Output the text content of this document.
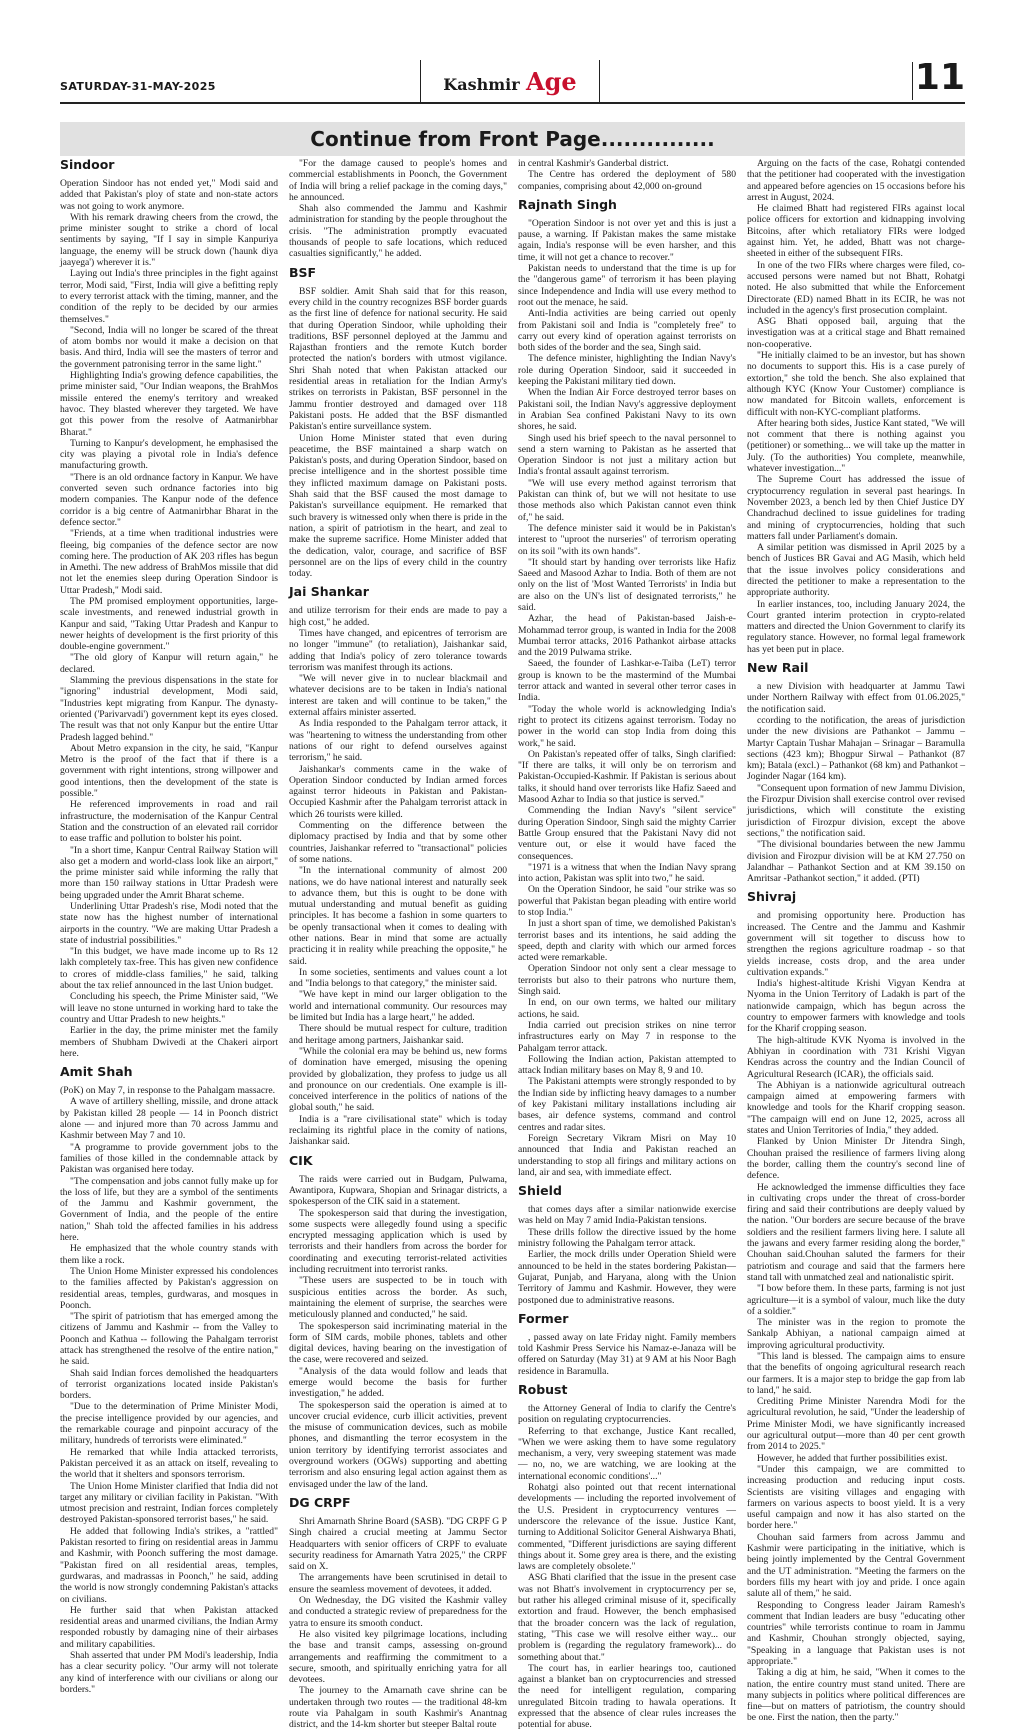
SATURDAY-31-MAY-2025	Kashmir Age	11
Continue from Front Page...............
Sindoor

Operation Sindoor has not ended yet," Modi said and added that Pakistan's ploy of state and non-state actors was not going to work anymore.

With his remark drawing cheers from the crowd, the prime minister sought to strike a chord of local sentiments by saying, "If I say in simple Kanpuriya language, the enemy will be struck down ('haunk diya jaayega') wherever it is."

Laying out India's three principles in the fight against terror, Modi said, "First, India will give a befitting reply to every terrorist attack with the timing, manner, and the condition of the reply to be decided by our armies themselves."

"Second, India will no longer be scared of the threat of atom bombs nor would it make a decision on that basis. And third, India will see the masters of terror and the government patronising terror in the same light."

Highlighting India's growing defence capabilities, the prime minister said, "Our Indian weapons, the BrahMos missile entered the enemy's territory and wreaked havoc. They blasted wherever they targeted. We have got this power from the resolve of Aatmanirbhar Bharat."

Turning to Kanpur's development, he emphasised the city was playing a pivotal role in India's defence manufacturing growth.

"There is an old ordnance factory in Kanpur. We have converted seven such ordnance factories into big modern companies. The Kanpur node of the defence corridor is a big centre of Aatmanirbhar Bharat in the defence sector."

"Friends, at a time when traditional industries were fleeing, big companies of the defence sector are now coming here. The production of AK 203 rifles has begun in Amethi. The new address of BrahMos missile that did not let the enemies sleep during Operation Sindoor is Uttar Pradesh," Modi said.

The PM promised employment opportunities, large-scale investments, and renewed industrial growth in Kanpur and said, "Taking Uttar Pradesh and Kanpur to newer heights of development is the first priority of this double-engine government."

"The old glory of Kanpur will return again," he declared.

Slamming the previous dispensations in the state for "ignoring" industrial development, Modi said, "Industries kept migrating from Kanpur. The dynasty-oriented ('Parivarvadi') government kept its eyes closed. The result was that not only Kanpur but the entire Uttar Pradesh lagged behind."

About Metro expansion in the city, he said, "Kanpur Metro is the proof of the fact that if there is a government with right intentions, strong willpower and good intentions, then the development of the state is possible."

He referenced improvements in road and rail infrastructure, the modernisation of the Kanpur Central Station and the construction of an elevated rail corridor to ease traffic and pollution to bolster his point.

"In a short time, Kanpur Central Railway Station will also get a modern and world-class look like an airport," the prime minister said while informing the rally that more than 150 railway stations in Uttar Pradesh were being upgraded under the Amrit Bharat scheme.

Underlining Uttar Pradesh's rise, Modi noted that the state now has the highest number of international airports in the country. "We are making Uttar Pradesh a state of industrial possibilities."

"In this budget, we have made income up to Rs 12 lakh completely tax-free. This has given new confidence to crores of middle-class families," he said, talking about the tax relief announced in the last Union budget.

Concluding his speech, the Prime Minister said, "We will leave no stone unturned in working hard to take the country and Uttar Pradesh to new heights."

Earlier in the day, the prime minister met the family members of Shubham Dwivedi at the Chakeri airport here.

Amit Shah

(PoK) on May 7, in response to the Pahalgam massacre.

A wave of artillery shelling, missile, and drone attack by Pakistan killed 28 people — 14 in Poonch district alone — and injured more than 70 across Jammu and Kashmir between May 7 and 10.

"A programme to provide government jobs to the families of those killed in the condemnable attack by Pakistan was organised here today.

"The compensation and jobs cannot fully make up for the loss of life, but they are a symbol of the sentiments of the Jammu and Kashmir government, the Government of India, and the people of the entire nation," Shah told the affected families in his address here.

He emphasized that the whole country stands with them like a rock.

The Union Home Minister expressed his condolences to the families affected by Pakistan's aggression on residential areas, temples, gurdwaras, and mosques in Poonch.

"The spirit of patriotism that has emerged among the citizens of Jammu and Kashmir -- from the Valley to Poonch and Kathua -- following the Pahalgam terrorist attack has strengthened the resolve of the entire nation," he said.

Shah said Indian forces demolished the headquarters of terrorist organizations located inside Pakistan's borders.

"Due to the determination of Prime Minister Modi, the precise intelligence provided by our agencies, and the remarkable courage and pinpoint accuracy of the military, hundreds of terrorists were eliminated."

He remarked that while India attacked terrorists, Pakistan perceived it as an attack on itself, revealing to the world that it shelters and sponsors terrorism.

The Union Home Minister clarified that India did not target any military or civilian facility in Pakistan. "With utmost precision and restraint, Indian forces completely destroyed Pakistan-sponsored terrorist bases," he said.

He added that following India's strikes, a "rattled" Pakistan resorted to firing on residential areas in Jammu and Kashmir, with Poonch suffering the most damage. "Pakistan fired on all residential areas, temples, gurdwaras, and madrassas in Poonch," he said, adding the world is now strongly condemning Pakistan's attacks on civilians.

He further said that when Pakistan attacked residential areas and unarmed civilians, the Indian Army responded robustly by damaging nine of their airbases and military capabilities.

Shah asserted that under PM Modi's leadership, India has a clear security policy. "Our army will not tolerate any kind of interference with our civilians or along our borders."

"For the damage caused to people's homes and commercial establishments in Poonch, the Government of India will bring a relief package in the coming days," he announced.

Shah also commended the Jammu and Kashmir administration for standing by the people throughout the crisis. "The administration promptly evacuated thousands of people to safe locations, which reduced casualties significantly," he added.

BSF

BSF soldier. Amit Shah said that for this reason, every child in the country recognizes BSF border guards as the first line of defence for national security. He said that during Operation Sindoor, while upholding their traditions, BSF personnel deployed at the Jammu and Rajasthan frontiers and the remote Kutch border protected the nation's borders with utmost vigilance. Shri Shah noted that when Pakistan attacked our residential areas in retaliation for the Indian Army's strikes on terrorists in Pakistan, BSF personnel in the Jammu frontier destroyed and damaged over 118 Pakistani posts. He added that the BSF dismantled Pakistan's entire surveillance system.

Union Home Minister stated that even during peacetime, the BSF maintained a sharp watch on Pakistan's posts, and during Operation Sindoor, based on precise intelligence and in the shortest possible time they inflicted maximum damage on Pakistani posts. Shah said that the BSF caused the most damage to Pakistan's surveillance equipment. He remarked that such bravery is witnessed only when there is pride in the nation, a spirit of patriotism in the heart, and zeal to make the supreme sacrifice. Home Minister added that the dedication, valor, courage, and sacrifice of BSF personnel are on the lips of every child in the country today.

Jai Shankar

and utilize terrorism for their ends are made to pay a high cost," he added.

Times have changed, and epicentres of terrorism are no longer "immune" (to retaliation), Jaishankar said, adding that India's policy of zero tolerance towards terrorism was manifest through its actions.

"We will never give in to nuclear blackmail and whatever decisions are to be taken in India's national interest are taken and will continue to be taken," the external affairs minister asserted.

As India responded to the Pahalgam terror attack, it was "heartening to witness the understanding from other nations of our right to defend ourselves against terrorism," he said.

Jaishankar's comments came in the wake of Operation Sindoor conducted by Indian armed forces against terror hideouts in Pakistan and Pakistan-Occupied Kashmir after the Pahalgam terrorist attack in which 26 tourists were killed.

Commenting on the difference between the diplomacy practised by India and that by some other countries, Jaishankar referred to "transactional" policies of some nations.

"In the international community of almost 200 nations, we do have national interest and naturally seek to advance them, but this is ought to be done with mutual understanding and mutual benefit as guiding principles. It has become a fashion in some quarters to be openly transactional when it comes to dealing with other nations. Bear in mind that some are actually practicing it in reality while preaching the opposite," he said.

In some societies, sentiments and values count a lot and "India belongs to that category," the minister said.

"We have kept in mind our larger obligation to the world and international community. Our resources may be limited but India has a large heart," he added.

There should be mutual respect for culture, tradition and heritage among partners, Jaishankar said.

"While the colonial era may be behind us, new forms of domination have emerged, misusing the opening provided by globalization, they profess to judge us all and pronounce on our credentials. One example is ill-conceived interference in the politics of nations of the global south," he said.

India is a "rare civilisational state" which is today reclaiming its rightful place in the comity of nations, Jaishankar said.

CIK

The raids were carried out in Budgam, Pulwama, Awantipora, Kupwara, Shopian and Srinagar districts, a spokesperson of the CIK said in a statement.

The spokesperson said that during the investigation, some suspects were allegedly found using a specific encrypted messaging application which is used by terrorists and their handlers from across the border for coordinating and executing terrorist-related activities including recruitment into terrorist ranks.

"These users are suspected to be in touch with suspicious entities across the border. As such, maintaining the element of surprise, the searches were meticulously planned and conducted," he said.

The spokesperson said incriminating material in the form of SIM cards, mobile phones, tablets and other digital devices, having bearing on the investigation of the case, were recovered and seized.

"Analysis of the data would follow and leads that emerge would become the basis for further investigation," he added.

The spokesperson said the operation is aimed at to uncover crucial evidence, curb illicit activities, prevent the misuse of communication devices, such as mobile phones, and dismantling the terror ecosystem in the union territory by identifying terrorist associates and overground workers (OGWs) supporting and abetting terrorism and also ensuring legal action against them as envisaged under the law of the land.

DG CRPF

Shri Amarnath Shrine Board (SASB). "DG CRPF G P Singh chaired a crucial meeting at Jammu Sector Headquarters with senior officers of CRPF to evaluate security readiness for Amarnath Yatra 2025," the CRPF said on X.

The arrangements have been scrutinised in detail to ensure the seamless movement of devotees, it added.

On Wednesday, the DG visited the Kashmir valley and conducted a strategic review of preparedness for the yatra to ensure its smooth conduct.

He also visited key pilgrimage locations, including the base and transit camps, assessing on-ground arrangements and reaffirming the commitment to a secure, smooth, and spiritually enriching yatra for all devotees.

The journey to the Amarnath cave shrine can be undertaken through two routes — the traditional 48-km route via Pahalgam in south Kashmir's Anantnag district, and the 14-km shorter but steeper Baltal route

in central Kashmir's Ganderbal district.

The Centre has ordered the deployment of 580 companies, comprising about 42,000 on-ground

Rajnath Singh

"Operation Sindoor is not over yet and this is just a pause, a warning. If Pakistan makes the same mistake again, India's response will be even harsher, and this time, it will not get a chance to recover."

Pakistan needs to understand that the time is up for the "dangerous game" of terrorism it has been playing since Independence and India will use every method to root out the menace, he said.

Anti-India activities are being carried out openly from Pakistani soil and India is "completely free" to carry out every kind of operation against terrorists on both sides of the border and the sea, Singh said.

The defence minister, highlighting the Indian Navy's role during Operation Sindoor, said it succeeded in keeping the Pakistani military tied down.

When the Indian Air Force destroyed terror bases on Pakistani soil, the Indian Navy's aggressive deployment in Arabian Sea confined Pakistani Navy to its own shores, he said.

Singh used his brief speech to the naval personnel to send a stern warning to Pakistan as he asserted that Operation Sindoor is not just a military action but India's frontal assault against terrorism.

"We will use every method against terrorism that Pakistan can think of, but we will not hesitate to use those methods also which Pakistan cannot even think of," he said.

The defence minister said it would be in Pakistan's interest to "uproot the nurseries" of terrorism operating on its soil "with its own hands".

"It should start by handing over terrorists like Hafiz Saeed and Masood Azhar to India. Both of them are not only on the list of 'Most Wanted Terrorists' in India but are also on the UN's list of designated terrorists," he said.

Azhar, the head of Pakistan-based Jaish-e-Mohammad terror group, is wanted in India for the 2008 Mumbai terror attacks, 2016 Pathankot airbase attacks and the 2019 Pulwama strike.

Saeed, the founder of Lashkar-e-Taiba (LeT) terror group is known to be the mastermind of the Mumbai terror attack and wanted in several other terror cases in India.

"Today the whole world is acknowledging India's right to protect its citizens against terrorism. Today no power in the world can stop India from doing this work," he said.

On Pakistan's repeated offer of talks, Singh clarified: "If there are talks, it will only be on terrorism and Pakistan-Occupied-Kashmir. If Pakistan is serious about talks, it should hand over terrorists like Hafiz Saeed and Masood Azhar to India so that justice is served."

Commending the Indian Navy's "silent service" during Operation Sindoor, Singh said the mighty Carrier Battle Group ensured that the Pakistani Navy did not venture out, or else it would have faced the consequences.

"1971 is a witness that when the Indian Navy sprang into action, Pakistan was split into two," he said.

On the Operation Sindoor, he said "our strike was so powerful that Pakistan began pleading with entire world to stop India."

In just a short span of time, we demolished Pakistan's terrorist bases and its intentions, he said adding the speed, depth and clarity with which our armed forces acted were remarkable.

Operation Sindoor not only sent a clear message to terrorists but also to their patrons who nurture them, Singh said.

In end, on our own terms, we halted our military actions, he said.

India carried out precision strikes on nine terror infrastructures early on May 7 in response to the Pahalgam terror attack.

Following the Indian action, Pakistan attempted to attack Indian military bases on May 8, 9 and 10.

The Pakistani attempts were strongly responded to by the Indian side by inflicting heavy damages to a number of key Pakistani military installations including air bases, air defence systems, command and control centres and radar sites.

Foreign Secretary Vikram Misri on May 10 announced that India and Pakistan reached an understanding to stop all firings and military actions on land, air and sea, with immediate effect.

Shield

that comes days after a similar nationwide exercise was held on May 7 amid India-Pakistan tensions.

These drills follow the directive issued by the home ministry following the Pahalgam terror attack.

Earlier, the mock drills under Operation Shield were announced to be held in the states bordering Pakistan—Gujarat, Punjab, and Haryana, along with the Union Territory of Jammu and Kashmir. However, they were postponed due to administrative reasons.

Former

, passed away on late Friday night. Family members told Kashmir Press Service his Namaz-e-Janaza will be offered on Saturday (May 31) at 9 AM at his Noor Bagh residence in Baramulla.

Robust

the Attorney General of India to clarify the Centre's position on regulating cryptocurrencies.

Referring to that exchange, Justice Kant recalled, "When we were asking them to have some regulatory mechanism, a very, very sweeping statement was made — no, no, we are watching, we are looking at the international economic conditions'..."

Rohatgi also pointed out that recent international developments — including the reported involvement of the U.S. President in cryptocurrency ventures — underscore the relevance of the issue. Justice Kant, turning to Additional Solicitor General Aishwarya Bhati, commented, "Different jurisdictions are saying different things about it. Some grey area is there, and the existing laws are completely obsolete."

ASG Bhati clarified that the issue in the present case was not Bhatt's involvement in cryptocurrency per se, but rather his alleged criminal misuse of it, specifically extortion and fraud. However, the bench emphasised that the broader concern was the lack of regulation, stating, "This case we will resolve either way... our problem is (regarding the regulatory framework)... do something about that."

The court has, in earlier hearings too, cautioned against a blanket ban on cryptocurrencies and stressed the need for intelligent regulation, comparing unregulated Bitcoin trading to hawala operations. It expressed that the absence of clear rules increases the potential for abuse.

Arguing on the facts of the case, Rohatgi contended that the petitioner had cooperated with the investigation and appeared before agencies on 15 occasions before his arrest in August, 2024.

He claimed Bhatt had registered FIRs against local police officers for extortion and kidnapping involving Bitcoins, after which retaliatory FIRs were lodged against him. Yet, he added, Bhatt was not charge-sheeted in either of the subsequent FIRs.

In one of the two FIRs where charges were filed, co-accused persons were named but not Bhatt, Rohatgi noted. He also submitted that while the Enforcement Directorate (ED) named Bhatt in its ECIR, he was not included in the agency's first prosecution complaint.

ASG Bhati opposed bail, arguing that the investigation was at a critical stage and Bhatt remained non-cooperative.

"He initially claimed to be an investor, but has shown no documents to support this. His is a case purely of extortion," she told the bench. She also explained that although KYC (Know Your Customer) compliance is now mandated for Bitcoin wallets, enforcement is difficult with non-KYC-compliant platforms.

After hearing both sides, Justice Kant stated, "We will not comment that there is nothing against you (petitioner) or something... we will take up the matter in July. (To the authorities) You complete, meanwhile, whatever investigation..."

The Supreme Court has addressed the issue of cryptocurrency regulation in several past hearings. In November 2023, a bench led by then Chief Justice DY Chandrachud declined to issue guidelines for trading and mining of cryptocurrencies, holding that such matters fall under Parliament's domain.

A similar petition was dismissed in April 2025 by a bench of Justices BR Gavai and AG Masih, which held that the issue involves policy considerations and directed the petitioner to make a representation to the appropriate authority.

In earlier instances, too, including January 2024, the Court granted interim protection in crypto-related matters and directed the Union Government to clarify its regulatory stance. However, no formal legal framework has yet been put in place.

New Rail

a new Division with headquarter at Jammu Tawi under Northern Railway with effect from 01.06.2025," the notification said.

ccording to the notification, the areas of jurisdiction under the new divisions are Pathankot – Jammu – Martyr Captain Tushar Mahajan – Srinagar – Baramulla sections (423 km); Bhogpur Sirwal – Pathankot (87 km); Batala (excl.) – Pathankot (68 km) and Pathankot – Joginder Nagar (164 km).

"Consequent upon formation of new Jammu Division, the Firozpur Division shall exercise control over revised jurisdictions, which will constitute the existing jurisdiction of Firozpur division, except the above sections," the notification said.

"The divisional boundaries between the new Jammu division and Firozpur division will be at KM 27.750 on Jalandhar – Pathankot Section and at KM 39.150 on Amritsar -Pathankot section," it added. (PTI)

Shivraj

and promising opportunity here. Production has increased. The Centre and the Jammu and Kashmir government will sit together to discuss how to strengthen the regions agriculture roadmap - so that yields increase, costs drop, and the area under cultivation expands."

India's highest-altitude Krishi Vigyan Kendra at Nyoma in the Union Territory of Ladakh is part of the nationwide campaign, which has begun across the country to empower farmers with knowledge and tools for the Kharif cropping season.

The high-altitude KVK Nyoma is involved in the Abhiyan in coordination with 731 Krishi Vigyan Kendras across the country and the Indian Council of Agricultural Research (ICAR), the officials said.

The Abhiyan is a nationwide agricultural outreach campaign aimed at empowering farmers with knowledge and tools for the Kharif cropping season. "The campaign will end on June 12, 2025, across all states and Union Territories of India," they added.

Flanked by Union Minister Dr Jitendra Singh, Chouhan praised the resilience of farmers living along the border, calling them the country's second line of defence.

He acknowledged the immense difficulties they face in cultivating crops under the threat of cross-border firing and said their contributions are deeply valued by the nation. "Our borders are secure because of the brave soldiers and the resilient farmers living here. I salute all the jawans and every farmer residing along the border," Chouhan said.Chouhan saluted the farmers for their patriotism and courage and said that the farmers here stand tall with unmatched zeal and nationalistic spirit.

"I bow before them. In these parts, farming is not just agriculture—it is a symbol of valour, much like the duty of a soldier."

The minister was in the region to promote the Sankalp Abhiyan, a national campaign aimed at improving agricultural productivity.

"This land is blessed. The campaign aims to ensure that the benefits of ongoing agricultural research reach our farmers. It is a major step to bridge the gap from lab to land," he said.

Crediting Prime Minister Narendra Modi for the agricultural revolution, he said, "Under the leadership of Prime Minister Modi, we have significantly increased our agricultural output—more than 40 per cent growth from 2014 to 2025."

However, he added that further possibilities exist.

"Under this campaign, we are committed to increasing production and reducing input costs. Scientists are visiting villages and engaging with farmers on various aspects to boost yield. It is a very useful campaign and now it has also started on the border here."

Chouhan said farmers from across Jammu and Kashmir were participating in the initiative, which is being jointly implemented by the Central Government and the UT administration. "Meeting the farmers on the borders fills my heart with joy and pride. I once again salute all of them," he said.

Responding to Congress leader Jairam Ramesh's comment that Indian leaders are busy "educating other countries" while terrorists continue to roam in Jammu and Kashmir, Chouhan strongly objected, saying, "Speaking in a language that Pakistan uses is not appropriate."

Taking a dig at him, he said, "When it comes to the nation, the entire country must stand united. There are many subjects in politics where political differences are fine—but on matters of patriotism, the country should be one. First the nation, then the party."
